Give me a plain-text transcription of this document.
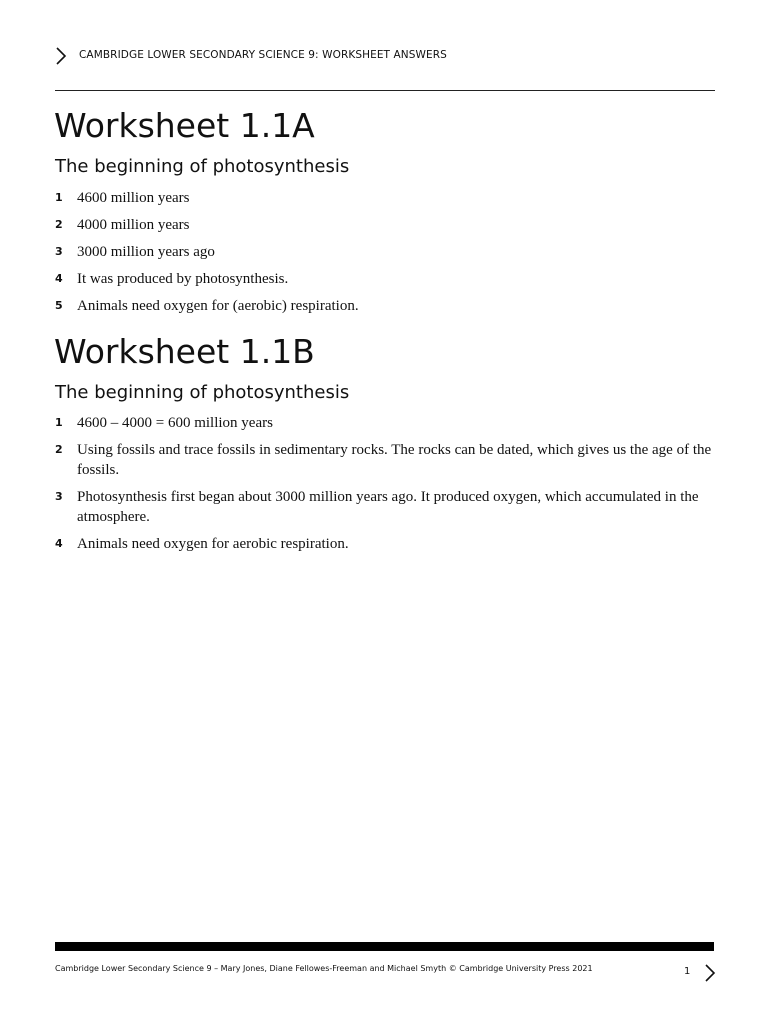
CAMBRIDGE LOWER SECONDARY SCIENCE 9: WORKSHEET ANSWERS
Worksheet 1.1A
The beginning of photosynthesis
1 4600 million years
2 4000 million years
3 3000 million years ago
4 It was produced by photosynthesis.
5 Animals need oxygen for (aerobic) respiration.
Worksheet 1.1B
The beginning of photosynthesis
1 4600 – 4000 = 600 million years
2 Using fossils and trace fossils in sedimentary rocks. The rocks can be dated, which gives us the age of the fossils.
3 Photosynthesis first began about 3000 million years ago. It produced oxygen, which accumulated in the atmosphere.
4 Animals need oxygen for aerobic respiration.
Cambridge Lower Secondary Science 9 – Mary Jones, Diane Fellowes-Freeman and Michael Smyth © Cambridge University Press 2021	1
